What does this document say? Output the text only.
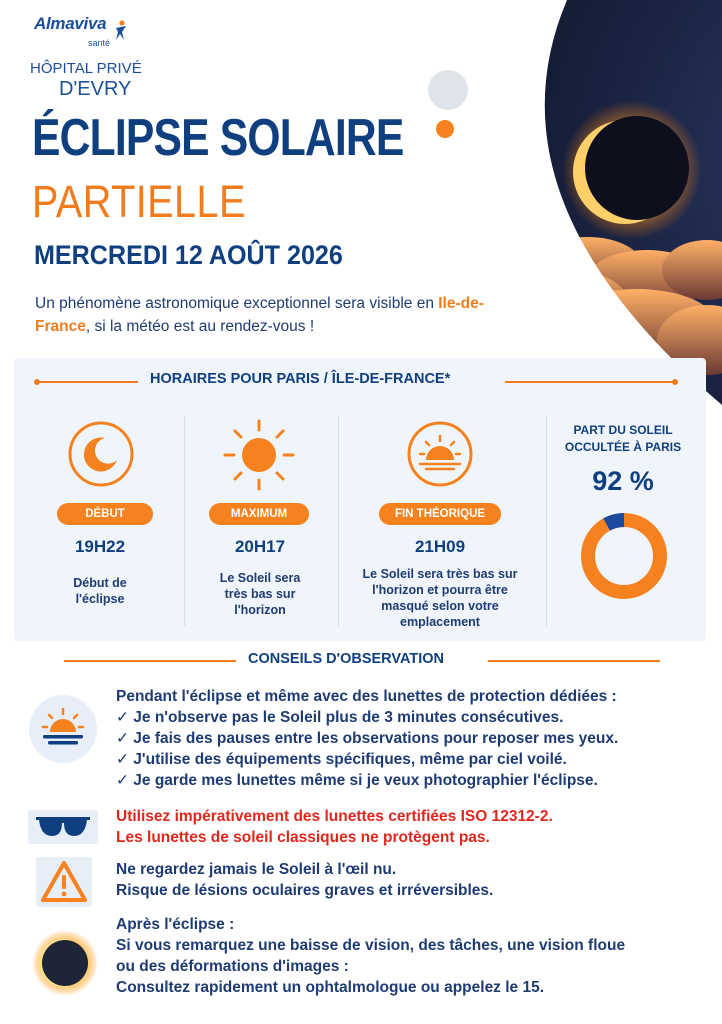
Almaviva
santé
HÔPITAL PRIVÉ
D'EVRY
ÉCLIPSE SOLAIRE
PARTIELLE
MERCREDI 12 AOÛT 2026
Un phénomène astronomique exceptionnel sera visible en Ile-de-France, si la météo est au rendez-vous !
HORAIRES POUR PARIS / ÎLE-DE-FRANCE*
DÉBUT
19H22
Début de
l'éclipse
MAXIMUM
20H17
Le Soleil sera
très bas sur
l'horizon
FIN THÉORIQUE
21H09
Le Soleil sera très bas sur
l'horizon et pourra être
masqué selon votre
emplacement
PART DU SOLEIL
OCCULTÉE À PARIS
92 %
CONSEILS D'OBSERVATION
Pendant l'éclipse et même avec des lunettes de protection dédiées :
✓ Je n'observe pas le Soleil plus de 3 minutes consécutives.
✓ Je fais des pauses entre les observations pour reposer mes yeux.
✓ J'utilise des équipements spécifiques, même par ciel voilé.
✓ Je garde mes lunettes même si je veux photographier l'éclipse.
Utilisez impérativement des lunettes certifiées ISO 12312-2.
Les lunettes de soleil classiques ne protègent pas.
Ne regardez jamais le Soleil à l'œil nu.
Risque de lésions oculaires graves et irréversibles.
Après l'éclipse :
Si vous remarquez une baisse de vision, des tâches, une vision floue
ou des déformations d'images :
Consultez rapidement un ophtalmologue ou appelez le 15.
